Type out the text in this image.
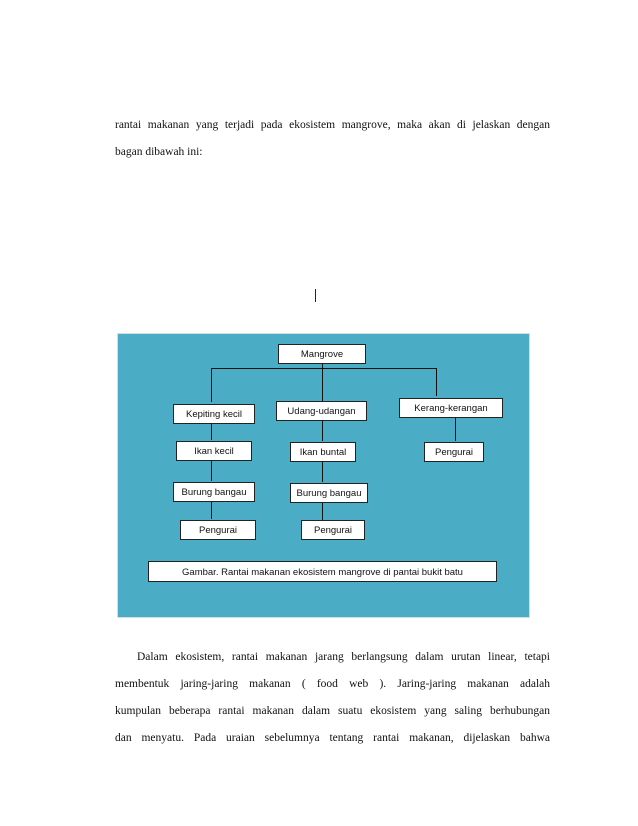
rantai makanan yang terjadi pada ekosistem mangrove, maka akan di jelaskan dengan
bagan dibawah ini:

Mangrove
Kepiting kecil
Ikan kecil
Burung bangau
Pengurai
Udang-udangan
Ikan buntal
Burung bangau
Pengurai
Kerang-kerangan
Pengurai
Gambar. Rantai makanan ekosistem mangrove di pantai bukit batu

Dalam ekosistem, rantai makanan jarang berlangsung dalam urutan linear, tetapi
membentuk jaring-jaring makanan ( food web ). Jaring-jaring makanan adalah
kumpulan beberapa rantai makanan dalam suatu ekosistem yang saling berhubungan
dan menyatu. Pada uraian sebelumnya tentang rantai makanan, dijelaskan bahwa
